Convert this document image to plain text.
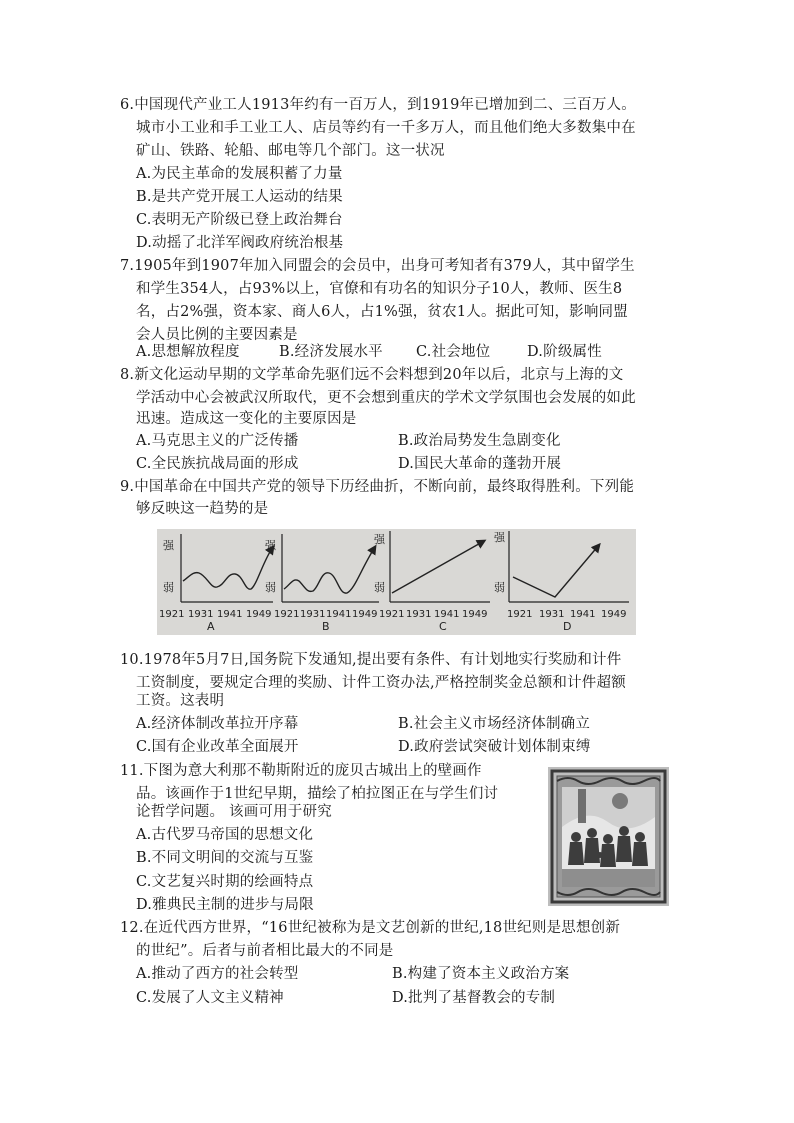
6.中国现代产业工人1913年约有一百万人，到1919年已增加到二、三百万人。
城市小工业和手工业工人、店员等约有一千多万人，而且他们绝大多数集中在
矿山、铁路、轮船、邮电等几个部门。这一状况
A.为民主革命的发展积蓄了力量
B.是共产党开展工人运动的结果
C.表明无产阶级已登上政治舞台
D.动摇了北洋军阀政府统治根基
7.1905年到1907年加入同盟会的会员中，出身可考知者有379人，其中留学生
和学生354人，占93%以上，官僚和有功名的知识分子10人，教师、医生8
名，占2%强，资本家、商人6人，占1%强，贫农1人。据此可知，影响同盟
会人员比例的主要因素是
A.思想解放程度	B.经济发展水平 C.社会地位	D.阶级属性
8.新文化运动早期的文学革命先驱们远不会料想到20年以后，北京与上海的文
学活动中心会被武汉所取代，更不会想到重庆的学术文学氛围也会发展的如此
迅速。造成这一变化的主要原因是
A.马克思主义的广泛传播	B.政治局势发生急剧变化
C.全民族抗战局面的形成	D.国民大革命的蓬勃开展
9.中国革命在中国共产党的领导下历经曲折，不断向前，最终取得胜利。下列能
够反映这一趋势的是
强
弱
1921 1931 1941 1949
A
强
弱
1921 1931 1941 1949
B
强
弱
1921 1931 1941 1949
C
强
弱
1921 1931 1941 1949
D
10.1978年5月7日,国务院下发通知,提出要有条件、有计划地实行奖励和计件
工资制度，要规定合理的奖励、计件工资办法,严格控制奖金总额和计件超额
工资。这表明
A.经济体制改革拉开序幕	B.社会主义市场经济体制确立
C.国有企业改革全面展开	D.政府尝试突破计划体制束缚
11.下图为意大利那不勒斯附近的庞贝古城出上的壁画作
品。该画作于1世纪早期，描绘了柏拉图正在与学生们讨
论哲学问题。 该画可用于研究
A.古代罗马帝国的思想文化
B.不同文明间的交流与互鉴
C.文艺复兴时期的绘画特点
D.雅典民主制的进步与局限
12.在近代西方世界，“16世纪被称为是文艺创新的世纪,18世纪则是思想创新
的世纪”。后者与前者相比最大的不同是
A.推动了西方的社会转型	B.构建了资本主义政治方案
C.发展了人文主义精神	D.批判了基督教会的专制
